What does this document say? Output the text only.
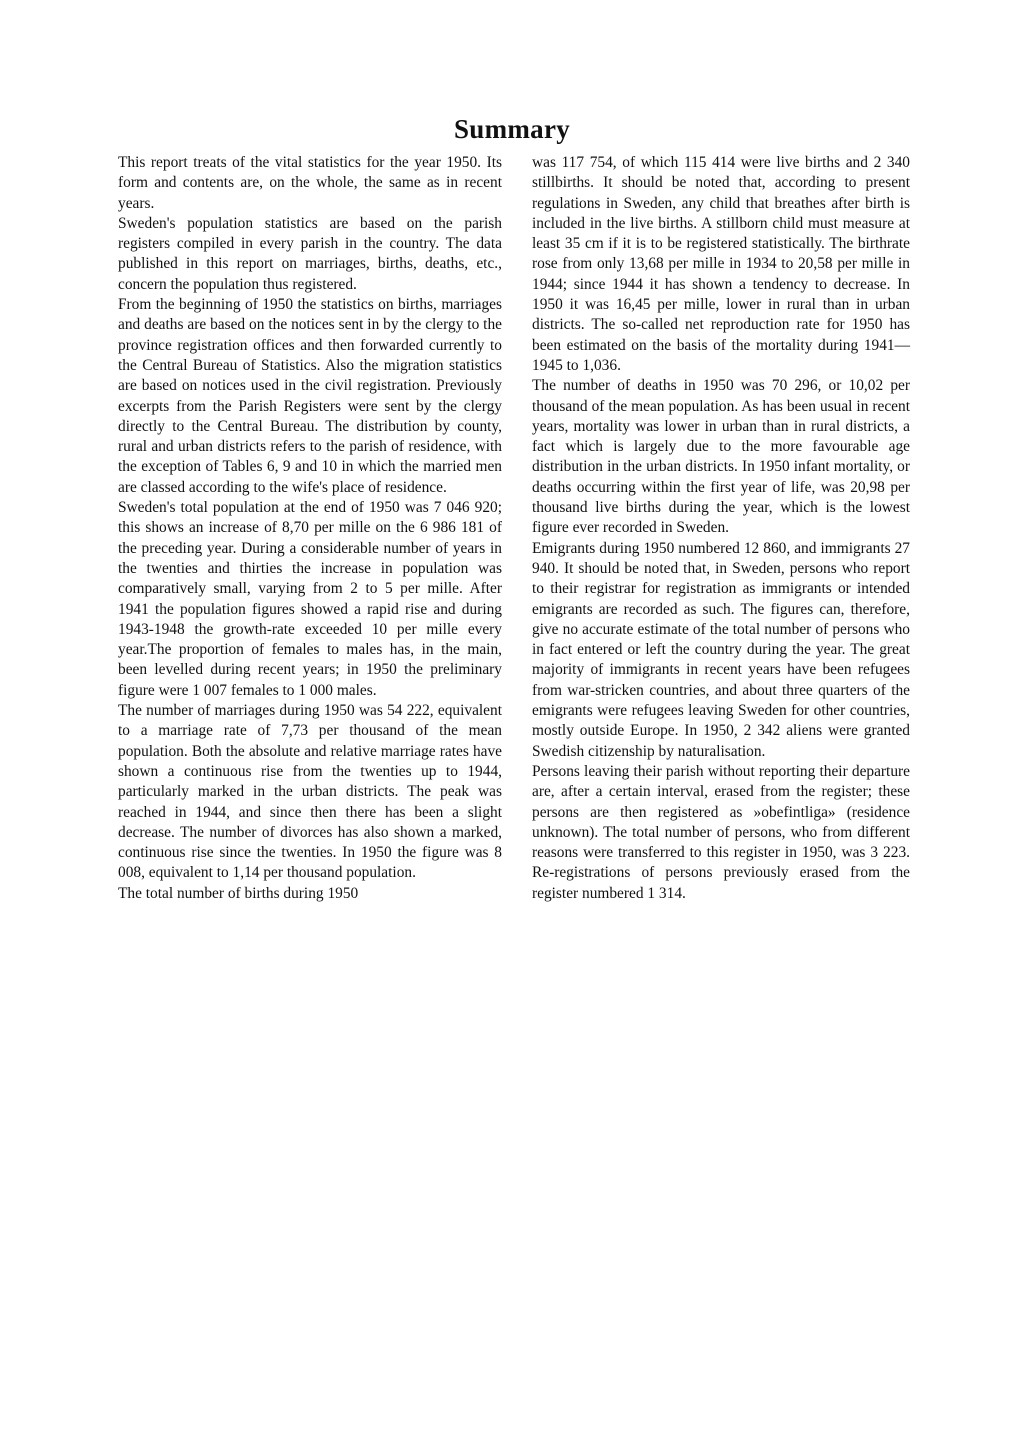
Summary

This report treats of the vital statistics for the year 1950. Its form and contents are, on the whole, the same as in recent years.

Sweden's population statistics are based on the parish registers compiled in every parish in the country. The data published in this report on marriages, births, deaths, etc., concern the population thus registered.

From the beginning of 1950 the statistics on births, marriages and deaths are based on the notices sent in by the clergy to the province registration offices and then forwarded currently to the Central Bureau of Statistics. Also the migration statistics are based on notices used in the civil registration. Previously excerpts from the Parish Registers were sent by the clergy directly to the Central Bureau. The distribution by county, rural and urban districts refers to the parish of residence, with the exception of Tables 6, 9 and 10 in which the married men are classed according to the wife's place of residence.

Sweden's total population at the end of 1950 was 7 046 920; this shows an increase of 8,70 per mille on the 6 986 181 of the preceding year. During a considerable number of years in the twenties and thirties the increase in population was comparatively small, varying from 2 to 5 per mille. After 1941 the population figures showed a rapid rise and during 1943-1948 the growth-rate exceeded 10 per mille every year.The proportion of females to males has, in the main, been levelled during recent years; in 1950 the preliminary figure were 1 007 females to 1 000 males.

The number of marriages during 1950 was 54 222, equivalent to a marriage rate of 7,73 per thousand of the mean population. Both the absolute and relative marriage rates have shown a continuous rise from the twenties up to 1944, particularly marked in the urban districts. The peak was reached in 1944, and since then there has been a slight decrease. The number of divorces has also shown a marked, continuous rise since the twenties. In 1950 the figure was 8 008, equivalent to 1,14 per thousand population.

The total number of births during 1950

was 117 754, of which 115 414 were live births and 2 340 stillbirths. It should be noted that, according to present regulations in Sweden, any child that breathes after birth is included in the live births. A stillborn child must measure at least 35 cm if it is to be registered statistically. The birthrate rose from only 13,68 per mille in 1934 to 20,58 per mille in 1944; since 1944 it has shown a tendency to decrease. In 1950 it was 16,45 per mille, lower in rural than in urban districts. The so-called net reproduction rate for 1950 has been estimated on the basis of the mortality during 1941—1945 to 1,036.

The number of deaths in 1950 was 70 296, or 10,02 per thousand of the mean population. As has been usual in recent years, mortality was lower in urban than in rural districts, a fact which is largely due to the more favourable age distribution in the urban districts. In 1950 infant mortality, or deaths occurring within the first year of life, was 20,98 per thousand live births during the year, which is the lowest figure ever recorded in Sweden.

Emigrants during 1950 numbered 12 860, and immigrants 27 940. It should be noted that, in Sweden, persons who report to their registrar for registration as immigrants or intended emigrants are recorded as such. The figures can, therefore, give no accurate estimate of the total number of persons who in fact entered or left the country during the year. The great majority of immigrants in recent years have been refugees from war-stricken countries, and about three quarters of the emigrants were refugees leaving Sweden for other countries, mostly outside Europe. In 1950, 2 342 aliens were granted Swedish citizenship by naturalisation.

Persons leaving their parish without reporting their departure are, after a certain interval, erased from the register; these persons are then registered as »obefintliga» (residence unknown). The total number of persons, who from different reasons were transferred to this register in 1950, was 3 223. Re-registrations of persons previously erased from the register numbered 1 314.
